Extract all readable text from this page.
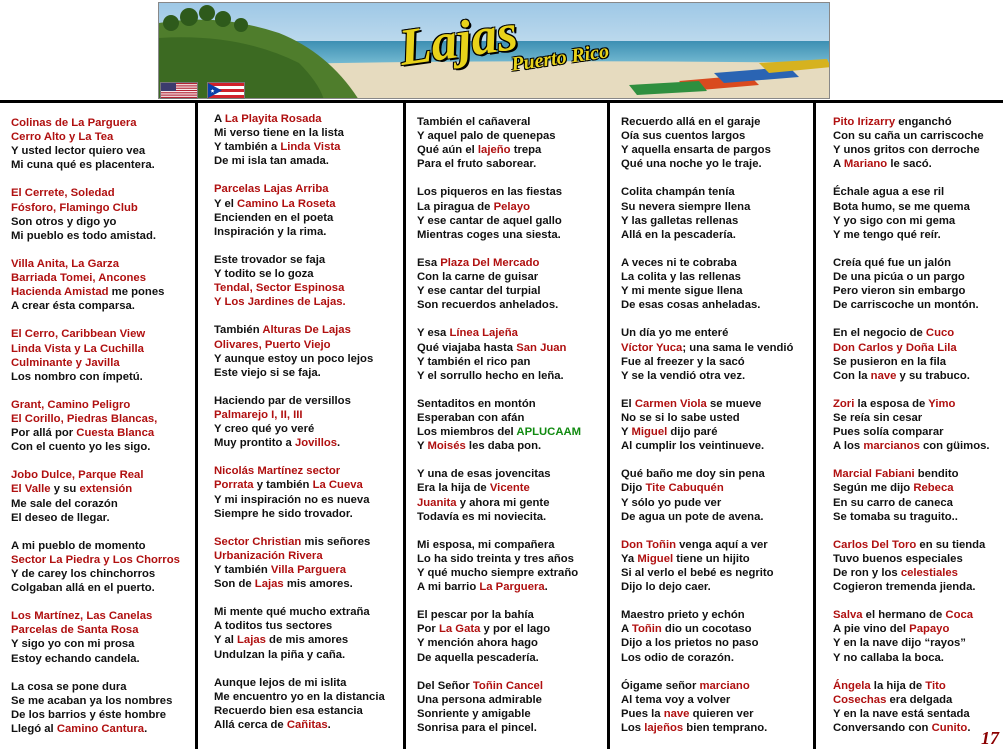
Lajas
Puerto Rico
Colinas de La Parguera
Cerro Alto y La Tea
Y usted lector quiero vea
Mi cuna qué es placentera.
El Cerrete, Soledad
Fósforo, Flamingo Club
Son otros y digo yo
Mi pueblo es todo amistad.
Villa Anita, La Garza
Barriada Tomei, Ancones
Hacienda Amistad me pones
A crear ésta comparsa.
El Cerro, Caribbean View
Linda Vista y La Cuchilla
Culminante y Javilla
Los nombro con ímpetú.
Grant, Camino Peligro
El Corillo, Piedras Blancas,
Por allá por Cuesta Blanca
Con el cuento yo les sigo.
Jobo Dulce, Parque Real
El Valle y su extensión
Me sale del corazón
El deseo de llegar.
A mi pueblo de momento
Sector La Piedra y Los Chorros
Y de carey los chinchorros
Colgaban allá en el puerto.
Los Martínez, Las Canelas
Parcelas de Santa Rosa
Y sigo yo con mi prosa
Estoy echando candela.
La cosa se pone dura
Se me acaban ya los nombres
De los barrios y éste hombre
Llegó al Camino Cantura.
A La Playita Rosada
Mi verso tiene en la lista
Y también a Linda Vista
De mi isla tan amada.
Parcelas Lajas Arriba
Y el Camino La Roseta
Encienden en el poeta
Inspiración y la rima.
Este trovador se faja
Y todito se lo goza
Tendal, Sector Espinosa
Y Los Jardines de Lajas.
También Alturas De Lajas
Olivares, Puerto Viejo
Y aunque estoy un poco lejos
Este viejo si se faja.
Haciendo par de versillos
Palmarejo I, II, III
Y creo qué yo veré
Muy prontito a Jovillos.
Nicolás Martínez sector
Porrata y también La Cueva
Y mi inspiración no es nueva
Siempre he sido trovador.
Sector Christian mis señores
Urbanización Rivera
Y también Villa Parguera
Son de Lajas mis amores.
Mi mente qué mucho extraña
A toditos tus sectores
Y al Lajas de mis amores
Undulzan la piña y caña.
Aunque lejos de mi islita
Me encuentro yo en la distancia
Recuerdo bien esa estancia
Allá cerca de Cañitas.
También el cañaveral
Y aquel palo de quenepas
Qué aún el lajeño trepa
Para el fruto saborear.
Los piqueros en las fiestas
La piragua de Pelayo
Y ese cantar de aquel gallo
Mientras coges una siesta.
Esa Plaza Del Mercado
Con la carne de guisar
Y ese cantar del turpial
Son recuerdos anhelados.
Y esa Línea Lajeña
Qué viajaba hasta San Juan
Y también el rico pan
Y el sorrullo hecho en leña.
Sentaditos en montón
Esperaban con afán
Los miembros del APLUCAAM
Y Moisés les daba pon.
Y una de esas jovencitas
Era la hija de Vicente
Juanita y ahora mi gente
Todavía es mi noviecita.
Mi esposa, mi compañera
Lo ha sido treinta y tres años
Y qué mucho siempre extraño
A mi barrio La Parguera.
El pescar por la bahía
Por La Gata y por el lago
Y mención ahora hago
De aquella pescadería.
Del Señor Toñin Cancel
Una persona admirable
Sonriente y amigable
Sonrisa para el pincel.
Recuerdo allá en el garaje
Oía sus cuentos largos
Y aquella ensarta de pargos
Qué una noche yo le traje.
Colita champán tenía
Su nevera siempre llena
Y las galletas rellenas
Allá en la pescadería.
A veces ni te cobraba
La colita y las rellenas
Y mi mente sigue llena
De esas cosas anheladas.
Un día yo me enteré
Víctor Yuca; una sama le vendió
Fue al freezer y la sacó
Y se la vendió otra vez.
El Carmen Viola se mueve
No se si lo sabe usted
Y Miguel dijo paré
Al cumplir los veintinueve.
Qué baño me doy sin pena
Dijo Tite Cabuquén
Y sólo yo pude ver
De agua un pote de avena.
Don Toñin venga aquí a ver
Ya Miguel tiene un hijito
Si al verlo el bebé es negrito
Dijo lo dejo caer.
Maestro prieto y echón
A Toñin dio un cocotaso
Dijo a los prietos no paso
Los odio de corazón.
Óigame señor marciano
Al tema voy a volver
Pues la nave quieren ver
Los lajeños bien temprano.
Pito Irizarry enganchó
Con su caña un carriscoche
Y unos gritos con derroche
A Mariano le sacó.
Échale agua a ese ril
Bota humo, se me quema
Y yo sigo con mi gema
Y me tengo qué reír.
Creía qué fue un jalón
De una picúa o un pargo
Pero vieron sin embargo
De carriscoche un montón.
En el negocio de Cuco
Don Carlos y Doña Lila
Se pusieron en la fila
Con la nave y su trabuco.
Zori la esposa de Yimo
Se reía sin cesar
Pues solía comparar
A los marcianos con güimos.
Marcial Fabiani bendito
Según me dijo Rebeca
En su carro de caneca
Se tomaba su traguito..
Carlos Del Toro en su tienda
Tuvo buenos especiales
De ron y los celestiales
Cogieron tremenda jienda.
Salva el hermano de Coca
A pie vino del Papayo
Y en la nave dijo “rayos”
Y no callaba la boca.
Ángela la hija de Tito
Cosechas era delgada
Y en la nave está sentada
Conversando con Cunito. 17
